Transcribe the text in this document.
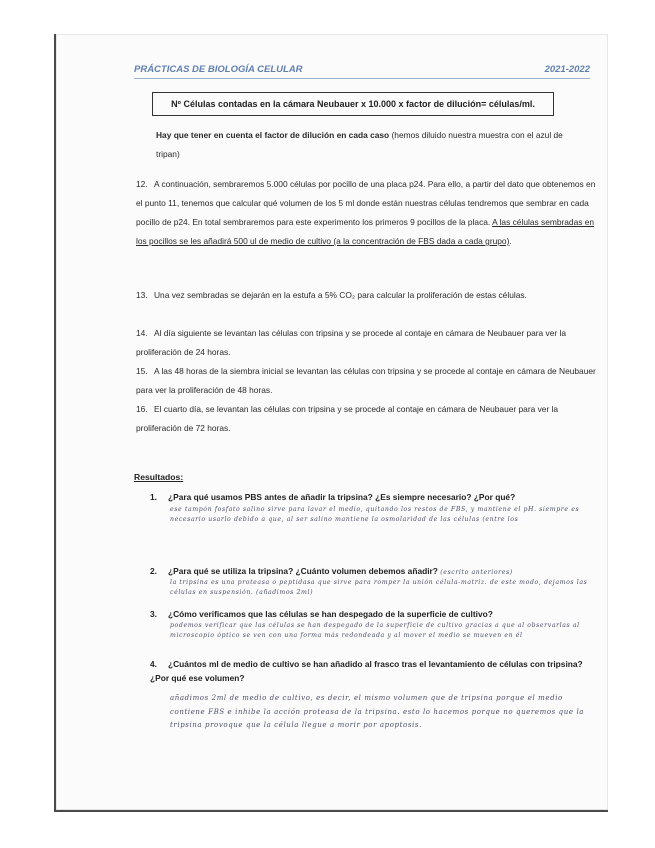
PRÁCTICAS DE BIOLOGÍA CELULAR	2021-2022
Nº Células contadas en la cámara Neubauer x 10.000 x factor de dilución= células/ml.
Hay que tener en cuenta el factor de dilución en cada caso (hemos diluido nuestra muestra con el azul de tripan)
12. A continuación, sembraremos 5.000 células por pocillo de una placa p24. Para ello, a partir del dato que obtenemos en el punto 11, tenemos que calcular qué volumen de los 5 ml donde están nuestras células tendremos que sembrar en cada pocillo de p24. En total sembraremos para este experimento los primeros 9 pocillos de la placa. A las células sembradas en los pocillos se les añadirá 500 ul de medio de cultivo (a la concentración de FBS dada a cada grupo).
13. Una vez sembradas se dejarán en la estufa a 5% CO₂ para calcular la proliferación de estas células.
14. Al día siguiente se levantan las células con tripsina y se procede al contaje en cámara de Neubauer para ver la proliferación de 24 horas.
15. A las 48 horas de la siembra inicial se levantan las células con tripsina y se procede al contaje en cámara de Neubauer para ver la proliferación de 48 horas.
16. El cuarto día, se levantan las células con tripsina y se procede al contaje en cámara de Neubauer para ver la proliferación de 72 horas.
Resultados:
1. ¿Para qué usamos PBS antes de añadir la tripsina? ¿Es siempre necesario? ¿Por qué?
ese tampón fosfato salino sirve para lavar el medio, quitando los restos de FBS, y mantiene el pH. siempre es necesario usarlo debido a que, al ser salino mantiene la osmolaridad de las células (entre los
2. ¿Para qué se utiliza la tripsina? ¿Cuánto volumen debemos añadir? (escrito anteriores)
la tripsina es una proteasa o peptidasa que sirve para romper la unión célula-matriz. de este modo, dejamos las células en suspensión. (añadimos 2ml)
3. ¿Cómo verificamos que las células se han despegado de la superficie de cultivo?
podemos verificar que las células se han despegado de la superficie de cultivo gracias a que al observarlas al microscopio óptico se ven con una forma más redondeada y al mover el medio se mueven en él
4. ¿Cuántos ml de medio de cultivo se han añadido al frasco tras el levantamiento de células con tripsina? ¿Por qué ese volumen?
añadimos 2ml de medio de cultivo, es decir, el mismo volumen que de tripsina porque el medio contiene FBS e inhibe la acción proteasa de la tripsina. esto lo hacemos porque no queremos que la tripsina provoque que la célula llegue a morir por apoptosis.
